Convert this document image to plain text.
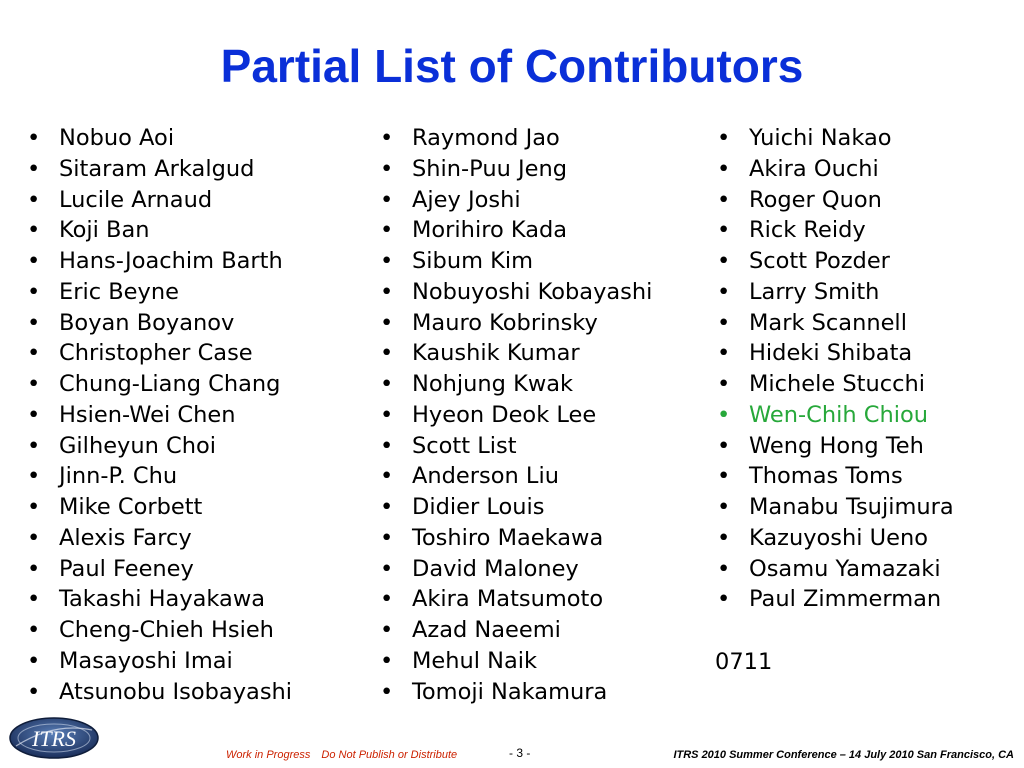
Partial List of Contributors
• Nobuo Aoi
• Sitaram Arkalgud
• Lucile Arnaud
• Koji Ban
• Hans-Joachim Barth
• Eric Beyne
• Boyan Boyanov
• Christopher Case
• Chung-Liang Chang
• Hsien-Wei Chen
• Gilheyun Choi
• Jinn-P. Chu
• Mike Corbett
• Alexis Farcy
• Paul Feeney
• Takashi Hayakawa
• Cheng-Chieh Hsieh
• Masayoshi Imai
• Atsunobu Isobayashi
• Raymond Jao
• Shin-Puu Jeng
• Ajey Joshi
• Morihiro Kada
• Sibum Kim
• Nobuyoshi Kobayashi
• Mauro Kobrinsky
• Kaushik Kumar
• Nohjung Kwak
• Hyeon Deok Lee
• Scott List
• Anderson Liu
• Didier Louis
• Toshiro Maekawa
• David Maloney
• Akira Matsumoto
• Azad Naeemi
• Mehul Naik
• Tomoji Nakamura
• Yuichi Nakao
• Akira Ouchi
• Roger Quon
• Rick Reidy
• Scott Pozder
• Larry Smith
• Mark Scannell
• Hideki Shibata
• Michele Stucchi
• Wen-Chih Chiou
• Weng Hong Teh
• Thomas Toms
• Manabu Tsujimura
• Kazuyoshi Ueno
• Osamu Yamazaki
• Paul Zimmerman
0711
ITRS
Work in Progress Do Not Publish or Distribute	- 3 -	ITRS 2010 Summer Conference – 14 July 2010 San Francisco, CA
